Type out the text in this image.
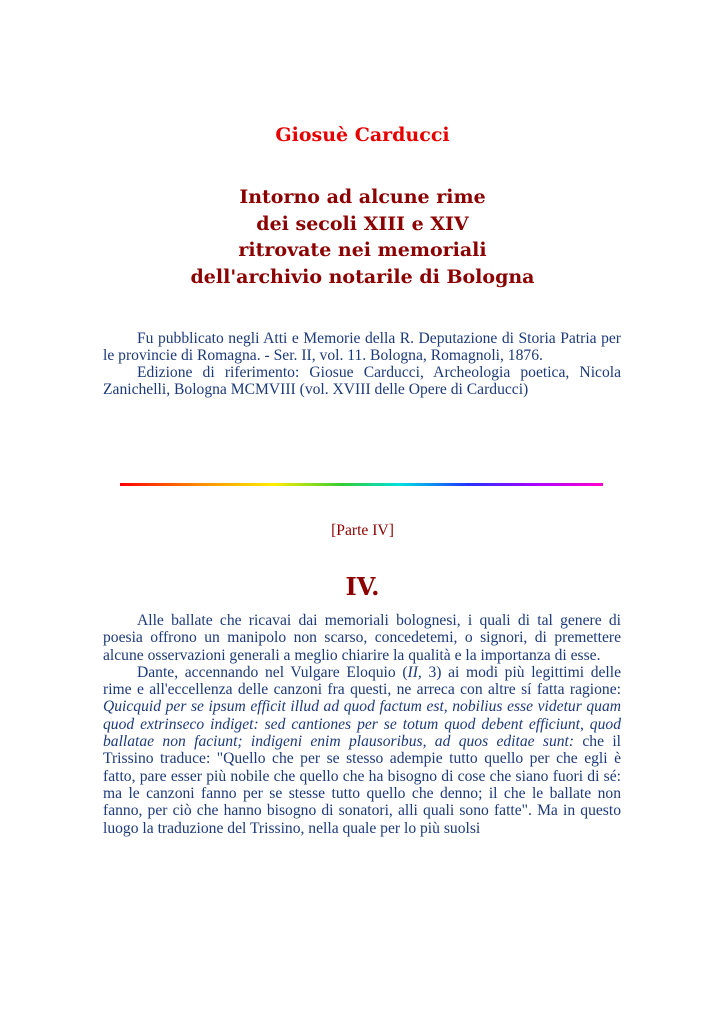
Giosuè Carducci
Intorno ad alcune rime
dei secoli XIII e XIV
ritrovate nei memoriali
dell'archivio notarile di Bologna

Fu pubblicato negli Atti e Memorie della R. Deputazione di Storia Patria per le provincie di Romagna. - Ser. II, vol. 11. Bologna, Romagnoli, 1876.

Edizione di riferimento: Giosue Carducci, Archeologia poetica, Nicola Zanichelli, Bologna MCMVIII (vol. XVIII delle Opere di Carducci)

[Parte IV]
IV.

Alle ballate che ricavai dai memoriali bolognesi, i quali di tal genere di poesia offrono un manipolo non scarso, concedetemi, o signori, di premettere alcune osservazioni generali a meglio chiarire la qualità e la importanza di esse.

Dante, accennando nel Vulgare Eloquio (II, 3) ai modi più legittimi delle rime e all'eccellenza delle canzoni fra questi, ne arreca con altre sí fatta ragione: Quicquid per se ipsum efficit illud ad quod factum est, nobilius esse videtur quam quod extrinseco indiget: sed cantiones per se totum quod debent efficiunt, quod ballatae non faciunt; indigeni enim plausoribus, ad quos editae sunt: che il Trissino traduce: "Quello che per se stesso adempie tutto quello per che egli è fatto, pare esser più nobile che quello che ha bisogno di cose che siano fuori di sé: ma le canzoni fanno per se stesse tutto quello che denno; il che le ballate non fanno, per ciò che hanno bisogno di sonatori, alli quali sono fatte". Ma in questo luogo la traduzione del Trissino, nella quale per lo più suolsi
